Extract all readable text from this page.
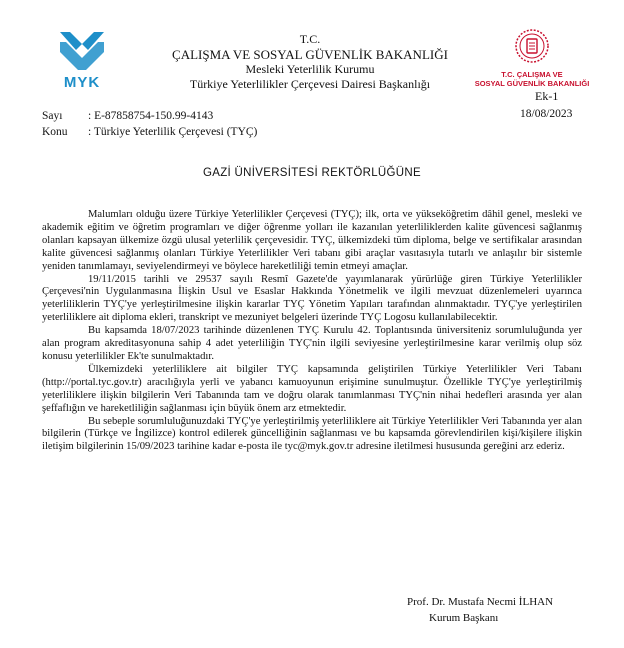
MYK
T.C.
ÇALIŞMA VE SOSYAL GÜVENLİK BAKANLIĞI
Mesleki Yeterlilik Kurumu
Türkiye Yeterlilikler Çerçevesi Dairesi Başkanlığı
T.C. ÇALIŞMA VE
SOSYAL GÜVENLİK BAKANLIĞI
Ek-1
Sayı	: E-87858754-150.99-4143
Konu	: Türkiye Yeterlilik Çerçevesi (TYÇ)
18/08/2023
GAZİ ÜNİVERSİTESİ REKTÖRLÜĞÜNE

Malumları olduğu üzere Türkiye Yeterlilikler Çerçevesi (TYÇ); ilk, orta ve yükseköğretim dâhil genel, mesleki ve akademik eğitim ve öğretim programları ve diğer öğrenme yolları ile kazanılan yeterliliklerden kalite güvencesi sağlanmış olanları kapsayan ülkemize özgü ulusal yeterlilik çerçevesidir. TYÇ, ülkemizdeki tüm diploma, belge ve sertifikalar arasından kalite güvencesi sağlanmış olanları Türkiye Yeterlilikler Veri tabanı gibi araçlar vasıtasıyla tutarlı ve anlaşılır bir sistemle yeniden tanımlamayı, seviyelendirmeyi ve böylece hareketliliği temin etmeyi amaçlar.

19/11/2015 tarihli ve 29537 sayılı Resmî Gazete'de yayımlanarak yürürlüğe giren Türkiye Yeterlilikler Çerçevesi'nin Uygulanmasına İlişkin Usul ve Esaslar Hakkında Yönetmelik ve ilgili mevzuat düzenlemeleri uyarınca yeterliliklerin TYÇ'ye yerleştirilmesine ilişkin kararlar TYÇ Yönetim Yapıları tarafından alınmaktadır. TYÇ'ye yerleştirilen yeterliliklere ait diploma ekleri, transkript ve mezuniyet belgeleri üzerinde TYÇ Logosu kullanılabilecektir.

Bu kapsamda 18/07/2023 tarihinde düzenlenen TYÇ Kurulu 42. Toplantısında üniversiteniz sorumluluğunda yer alan program akreditasyonuna sahip 4 adet yeterliliğin TYÇ'nin ilgili seviyesine yerleştirilmesine karar verilmiş olup söz konusu yeterlilikler Ek'te sunulmaktadır.

Ülkemizdeki yeterliliklere ait bilgiler TYÇ kapsamında geliştirilen Türkiye Yeterlilikler Veri Tabanı (http://portal.tyc.gov.tr) aracılığıyla yerli ve yabancı kamuoyunun erişimine sunulmuştur. Özellikle TYÇ'ye yerleştirilmiş yeterliliklere ilişkin bilgilerin Veri Tabanında tam ve doğru olarak tanımlanması TYÇ'nin nihai hedefleri arasında yer alan şeffaflığın ve hareketliliğin sağlanması için büyük önem arz etmektedir.

Bu sebeple sorumluluğunuzdaki TYÇ'ye yerleştirilmiş yeterliliklere ait Türkiye Yeterlilikler Veri Tabanında yer alan bilgilerin (Türkçe ve İngilizce) kontrol edilerek güncelliğinin sağlanması ve bu kapsamda görevlendirilen kişi/kişilere ilişkin iletişim bilgilerinin 15/09/2023 tarihine kadar e-posta ile tyc@myk.gov.tr adresine iletilmesi hususunda gereğini arz ederiz.

Prof. Dr. Mustafa Necmi İLHAN
Kurum Başkanı
